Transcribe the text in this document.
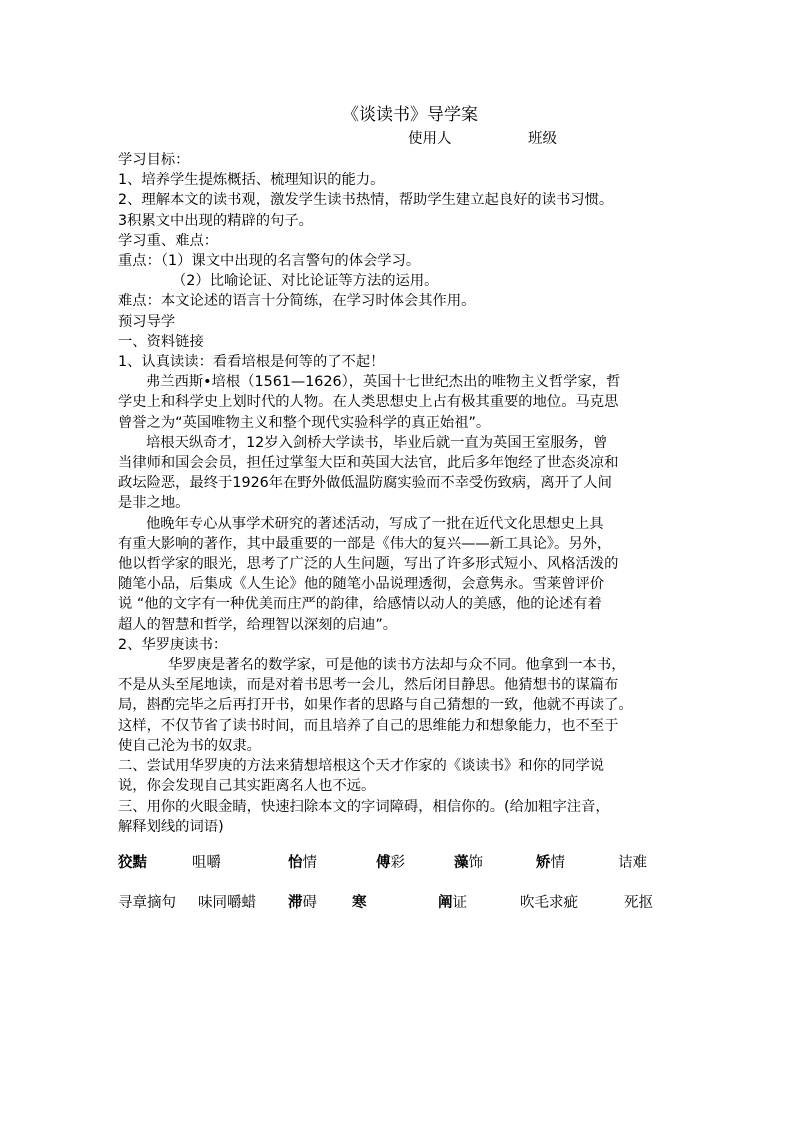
《谈读书》导学案
使用人	班级
学习目标：
1、培养学生提炼概括、梳理知识的能力。
2、理解本文的读书观，激发学生读书热情，帮助学生建立起良好的读书习惯。
3积累文中出现的精辟的句子。
学习重、难点：
重点：（1）课文中出现的名言警句的体会学习。
（2）比喻论证、对比论证等方法的运用。
难点：本文论述的语言十分简练，在学习时体会其作用。
预习导学
一、资料链接
1、认真读读：看看培根是何等的了不起！
弗兰西斯•培根（1561—1626），英国十七世纪杰出的唯物主义哲学家，哲
学史上和科学史上划时代的人物。在人类思想史上占有极其重要的地位。马克思
曾誉之为“英国唯物主义和整个现代实验科学的真正始祖”。
培根天纵奇才，12岁入剑桥大学读书，毕业后就一直为英国王室服务，曾
当律师和国会会员，担任过掌玺大臣和英国大法官，此后多年饱经了世态炎凉和
政坛险恶，最终于1926年在野外做低温防腐实验而不幸受伤致病，离开了人间
是非之地。
他晚年专心从事学术研究的著述活动，写成了一批在近代文化思想史上具
有重大影响的著作，其中最重要的一部是《伟大的复兴——新工具论》。另外，
他以哲学家的眼光，思考了广泛的人生问题，写出了许多形式短小、风格活泼的
随笔小品，后集成《人生论》他的随笔小品说理透彻，会意隽永。雪莱曾评价
说 “他的文字有一种优美而庄严的韵律，给感情以动人的美感，他的论述有着
超人的智慧和哲学，给理智以深刻的启迪”。
2、华罗庚读书：
华罗庚是著名的数学家，可是他的读书方法却与众不同。他拿到一本书，
不是从头至尾地读，而是对着书思考一会儿，然后闭目静思。他猜想书的谋篇布
局，斟酌完毕之后再打开书，如果作者的思路与自己猜想的一致，他就不再读了。
这样，不仅节省了读书时间，而且培养了自己的思维能力和想象能力，也不至于
使自己沦为书的奴隶。
二、尝试用华罗庚的方法来猜想培根这个天才作家的《谈读书》和你的同学说
说，你会发现自己其实距离名人也不远。
三、用你的火眼金睛，快速扫除本文的字词障碍，相信你的。(给加粗字注音，
解释划线的词语)
狡黠	咀嚼	怡情	傅彩	藻饰	矫情	诘难
寻章摘句 味同嚼蜡 滞碍 寒	阐证	吹毛求疵	死抠
